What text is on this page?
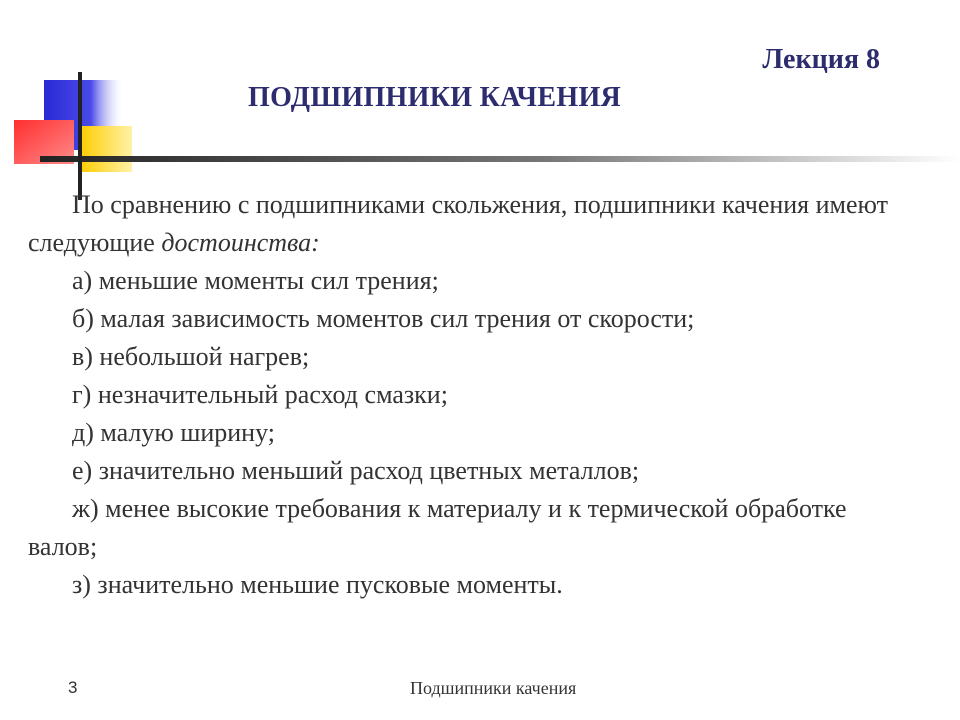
Лекция 8
ПОДШИПНИКИ КАЧЕНИЯ

По сравнению с подшипниками скольжения, подшипники качения имеют следующие достоинства:

а) меньшие моменты сил трения;

б) малая зависимость моментов сил трения от скорости;

в) небольшой нагрев;

г) незначительный расход смазки;

д) малую ширину;

е) значительно меньший расход цветных металлов;

ж) менее высокие требования к материалу и к термической обработке валов;

з) значительно меньшие пусковые моменты.

3	Подшипники качения
